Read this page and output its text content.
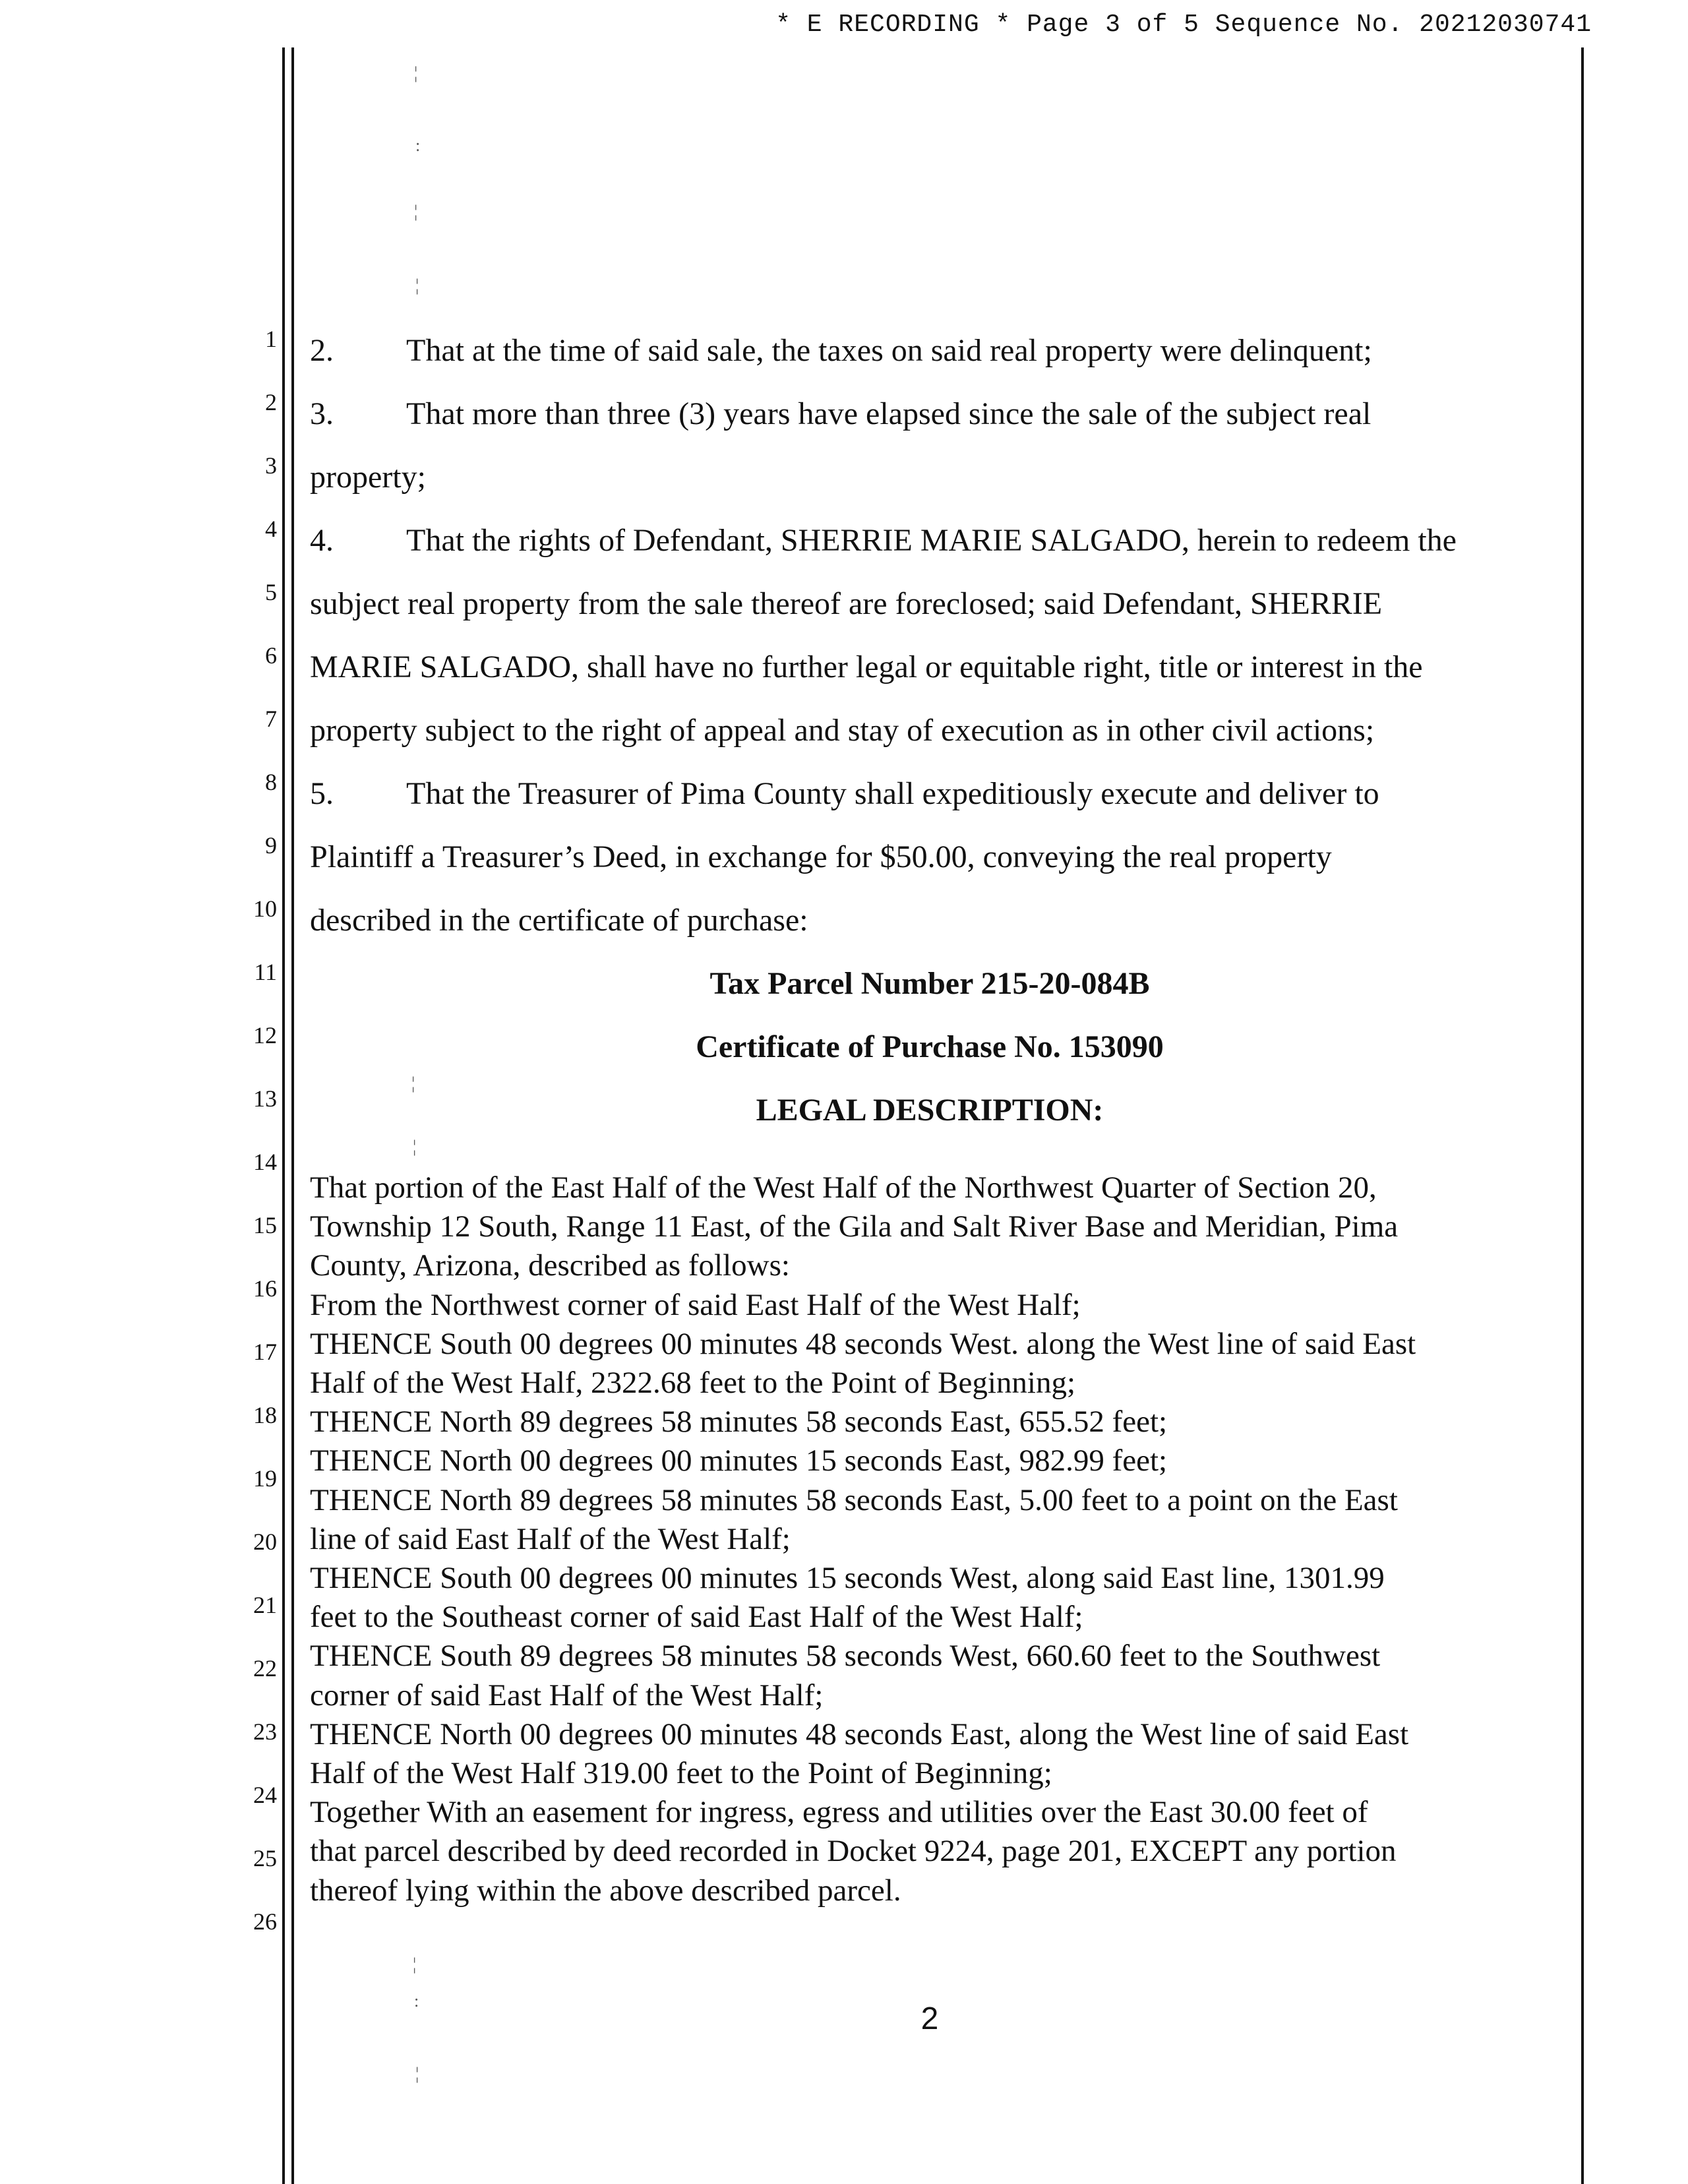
* E RECORDING * Page 3 of 5 Sequence No. 20212030741
1
2
3
4
5
6
7
8
9
10
11
12
13
14
15
16
17
18
19
20
21
22
23
24
25
26
2. That at the time of said sale, the taxes on said real property were delinquent;
3. That more than three (3) years have elapsed since the sale of the subject real
property;
4. That the rights of Defendant, SHERRIE MARIE SALGADO, herein to redeem the
subject real property from the sale thereof are foreclosed; said Defendant, SHERRIE
MARIE SALGADO, shall have no further legal or equitable right, title or interest in the
property subject to the right of appeal and stay of execution as in other civil actions;
5. That the Treasurer of Pima County shall expeditiously execute and deliver to
Plaintiff a Treasurer’s Deed, in exchange for $50.00, conveying the real property
described in the certificate of purchase:
Tax Parcel Number 215-20-084B
Certificate of Purchase No. 153090
LEGAL DESCRIPTION:
That portion of the East Half of the West Half of the Northwest Quarter of Section 20,
Township 12 South, Range 11 East, of the Gila and Salt River Base and Meridian, Pima
County, Arizona, described as follows:
From the Northwest corner of said East Half of the West Half;
THENCE South 00 degrees 00 minutes 48 seconds West. along the West line of said East
Half of the West Half, 2322.68 feet to the Point of Beginning;
THENCE North 89 degrees 58 minutes 58 seconds East, 655.52 feet;
THENCE North 00 degrees 00 minutes 15 seconds East, 982.99 feet;
THENCE North 89 degrees 58 minutes 58 seconds East, 5.00 feet to a point on the East
line of said East Half of the West Half;
THENCE South 00 degrees 00 minutes 15 seconds West, along said East line, 1301.99
feet to the Southeast corner of said East Half of the West Half;
THENCE South 89 degrees 58 minutes 58 seconds West, 660.60 feet to the Southwest
corner of said East Half of the West Half;
THENCE North 00 degrees 00 minutes 48 seconds East, along the West line of said East
Half of the West Half 319.00 feet to the Point of Beginning;
Together With an easement for ingress, egress and utilities over the East 30.00 feet of
that parcel described by deed recorded in Docket 9224, page 201, EXCEPT any portion
thereof lying within the above described parcel.
2
¦
:
¦
¦
¦
¦
¦
:
¦
